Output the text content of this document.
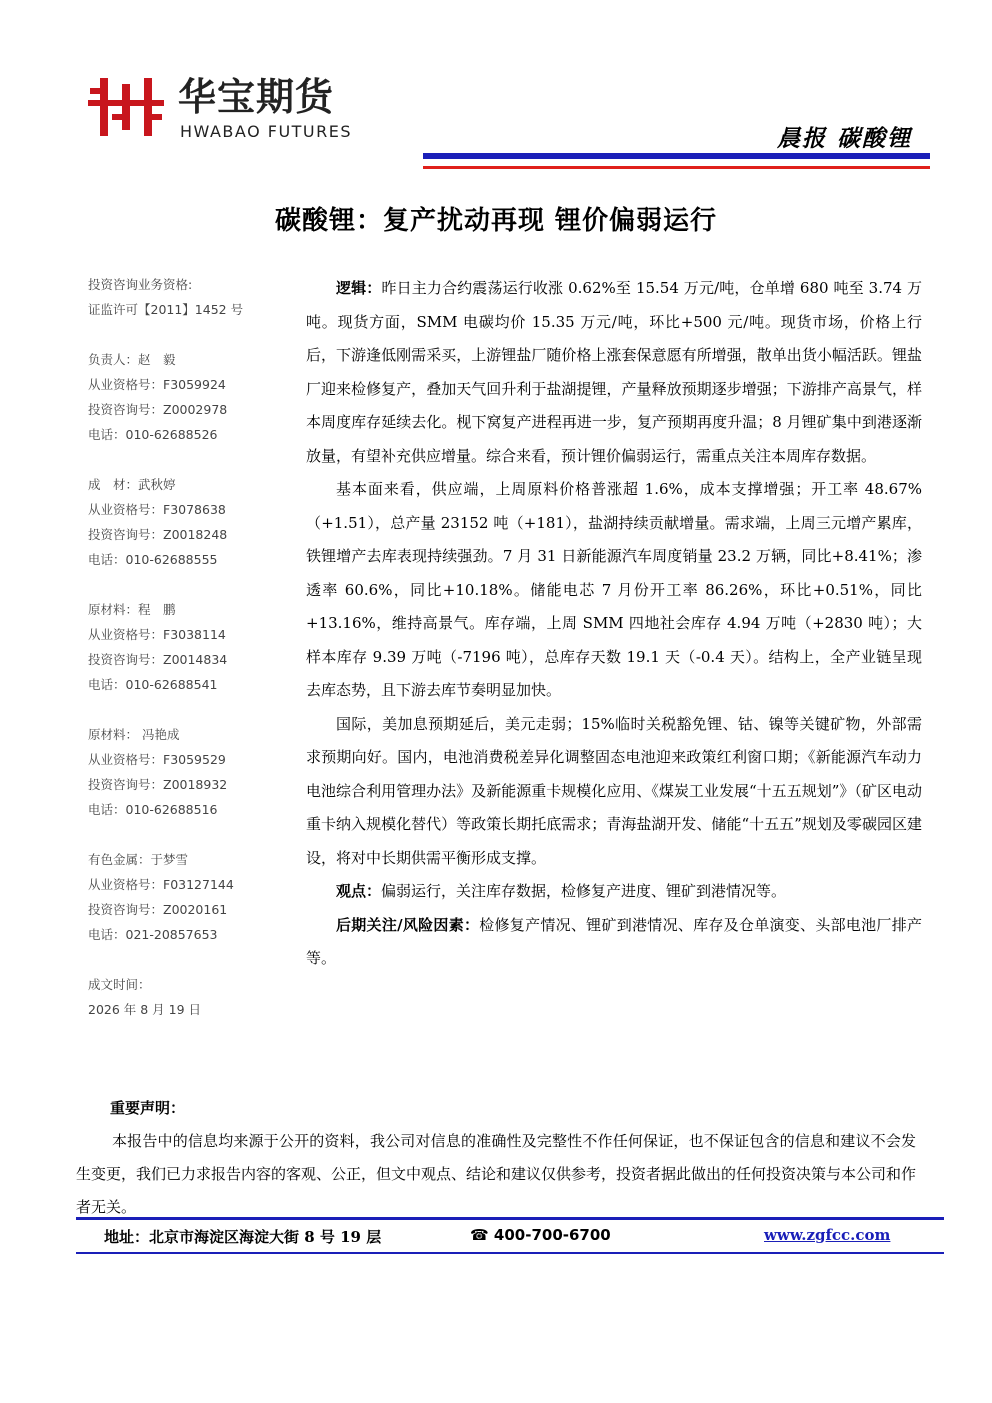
华宝期货
HWABAO FUTURES	晨报 碳酸锂
碳酸锂：复产扰动再现 锂价偏弱运行
投资咨询业务资格:
证监许可【2011】1452 号
负责人：赵　毅
从业资格号：F3059924
投资咨询号：Z0002978
电话：010-62688526
成　材：武秋婷
从业资格号：F3078638
投资咨询号：Z0018248
电话：010-62688555
原材料：程　鹏
从业资格号：F3038114
投资咨询号：Z0014834
电话：010-62688541
原材料： 冯艳成
从业资格号：F3059529
投资咨询号：Z0018932
电话：010-62688516
有色金属：于梦雪
从业资格号：F03127144
投资咨询号：Z0020161
电话：021-20857653
成文时间：
2026 年 8 月 19 日

逻辑：昨日主力合约震荡运行收涨 0.62%至 15.54 万元/吨，仓单增 680 吨至 3.74 万吨。现货方面，SMM 电碳均价 15.35 万元/吨，环比+500 元/吨。现货市场，价格上行后，下游逢低刚需采买，上游锂盐厂随价格上涨套保意愿有所增强，散单出货小幅活跃。锂盐厂迎来检修复产，叠加天气回升利于盐湖提锂，产量释放预期逐步增强；下游排产高景气，样本周度库存延续去化。枧下窝复产进程再进一步，复产预期再度升温；8 月锂矿集中到港逐渐放量，有望补充供应增量。综合来看，预计锂价偏弱运行，需重点关注本周库存数据。

基本面来看，供应端，上周原料价格普涨超 1.6%，成本支撑增强；开工率 48.67%（+1.51），总产量 23152 吨（+181），盐湖持续贡献增量。需求端，上周三元增产累库，铁锂增产去库表现持续强劲。7 月 31 日新能源汽车周度销量 23.2 万辆，同比+8.41%；渗透率 60.6%，同比+10.18%。储能电芯 7 月份开工率 86.26%，环比+0.51%，同比+13.16%，维持高景气。库存端，上周 SMM 四地社会库存 4.94 万吨（+2830 吨）；大样本库存 9.39 万吨（-7196 吨），总库存天数 19.1 天（-0.4 天）。结构上，全产业链呈现去库态势，且下游去库节奏明显加快。

国际，美加息预期延后，美元走弱；15%临时关税豁免锂、钴、镍等关键矿物，外部需求预期向好。国内，电池消费税差异化调整固态电池迎来政策红利窗口期；《新能源汽车动力电池综合利用管理办法》及新能源重卡规模化应用、《煤炭工业发展“十五五规划”》（矿区电动重卡纳入规模化替代）等政策长期托底需求；青海盐湖开发、储能“十五五”规划及零碳园区建设，将对中长期供需平衡形成支撑。

观点：偏弱运行，关注库存数据，检修复产进度、锂矿到港情况等。

后期关注/风险因素：检修复产情况、锂矿到港情况、库存及仓单演变、头部电池厂排产等。

重要声明：

本报告中的信息均来源于公开的资料，我公司对信息的准确性及完整性不作任何保证，也不保证包含的信息和建议不会发生变更，我们已力求报告内容的客观、公正，但文中观点、结论和建议仅供参考，投资者据此做出的任何投资决策与本公司和作者无关。

地址：北京市海淀区海淀大街 8 号 19 层	☎ 400-700-6700	www.zgfcc.com
